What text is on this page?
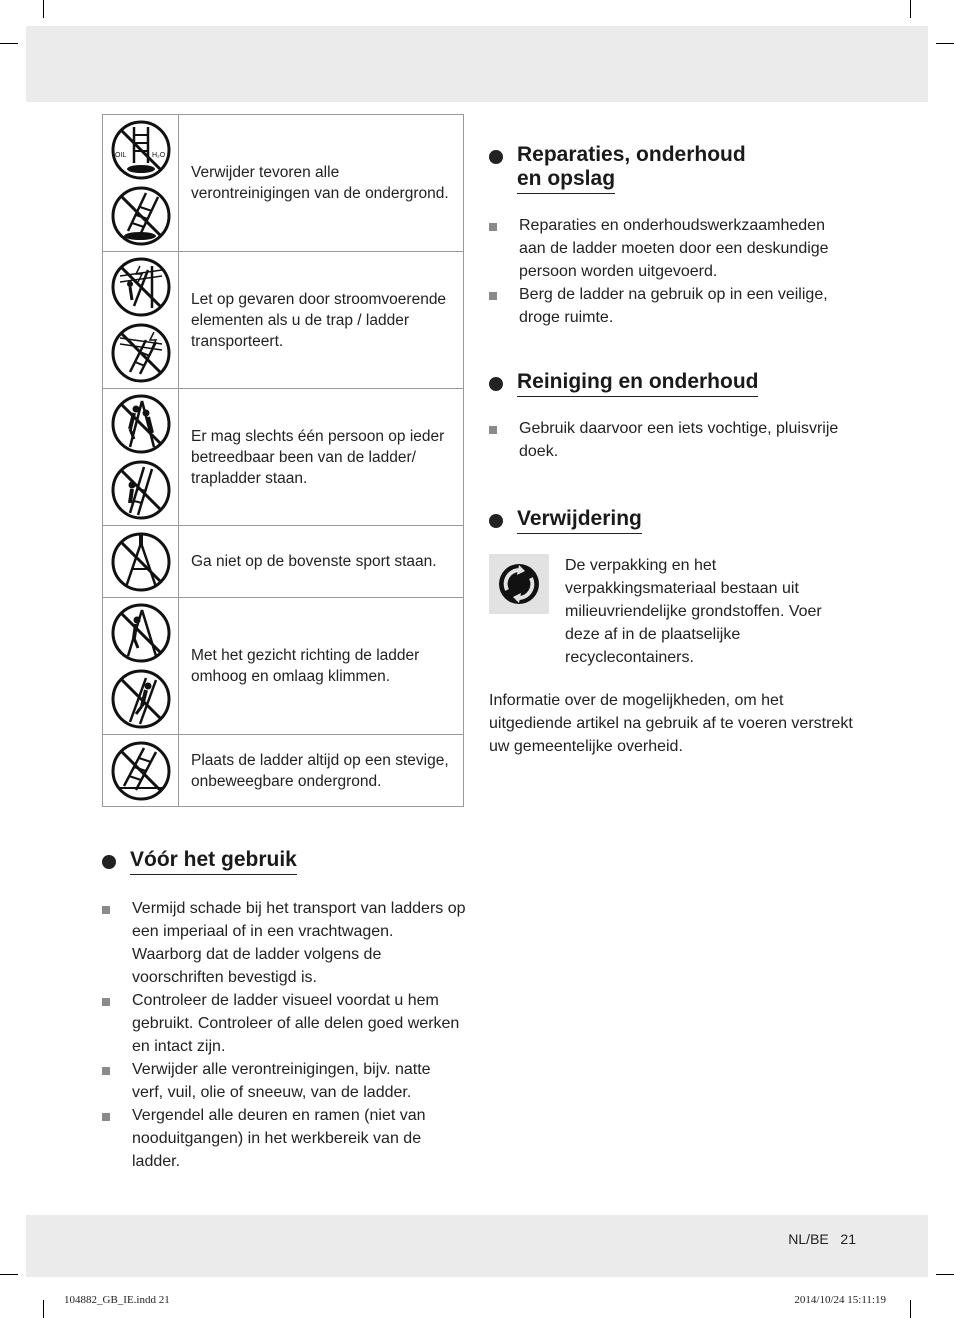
OIL H₂O	Verwijder tevoren alle verontreinigingen van de ondergrond.

	Let op gevaren door stroomvoerende elementen als u de trap / ladder transporteert.

	Er mag slechts één persoon op ieder betreedbaar been van de ladder/ trapladder staan.

	Ga niet op de bovenste sport staan.

	Met het gezicht richting de ladder omhoog en omlaag klimmen.

	Plaats de ladder altijd op een stevige, onbeweegbare ondergrond.
Vóór het gebruik
Vermijd schade bij het transport van ladders op een imperiaal of in een vrachtwagen. Waarborg dat de ladder volgens de voorschriften bevestigd is.
Controleer de ladder visueel voordat u hem gebruikt. Controleer of alle delen goed werken en intact zijn.
Verwijder alle verontreinigingen, bijv. natte verf, vuil, olie of sneeuw, van de ladder.
Vergendel alle deuren en ramen (niet van nooduitgangen) in het werkbereik van de ladder.
Reparaties, onderhoud
en opslag
Reparaties en onderhoudswerkzaamheden aan de ladder moeten door een deskundige persoon worden uitgevoerd.
Berg de ladder na gebruik op in een veilige, droge ruimte.
Reiniging en onderhoud
Gebruik daarvoor een iets vochtige, pluisvrije doek.
Verwijdering
De verpakking en het verpakkingsmateriaal bestaan uit milieuvriendelijke grondstoffen. Voer deze af in de plaatselijke recyclecontainers.
Informatie over de mogelijkheden, om het uitgediende artikel na gebruik af te voeren verstrekt uw gemeentelijke overheid.
NL/BE 21
104882_GB_IE.indd 21	2014/10/24 15:11:19
